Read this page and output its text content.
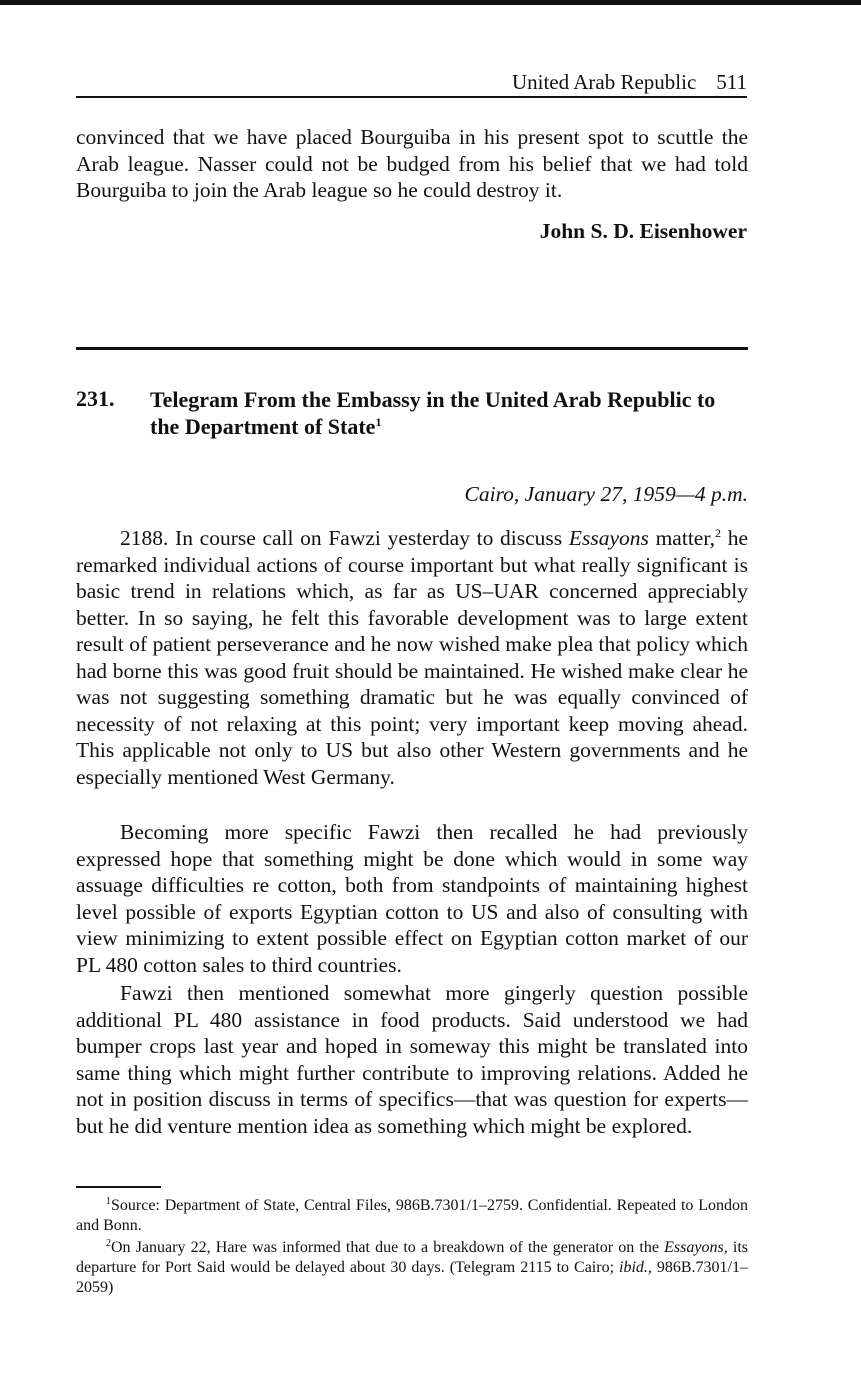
United Arab Republic 511

convinced that we have placed Bourguiba in his present spot to scuttle the Arab league. Nasser could not be budged from his belief that we had told Bourguiba to join the Arab league so he could destroy it.

John S. D. Eisenhower
231. Telegram From the Embassy in the United Arab Republic to the Department of State$^1$
Cairo, January 27, 1959—4 p.m.

2188. In course call on Fawzi yesterday to discuss Essayons matter,$^2$ he remarked individual actions of course important but what really significant is basic trend in relations which, as far as US–UAR concerned appreciably better. In so saying, he felt this favorable development was to large extent result of patient perseverance and he now wished make plea that policy which had borne this was good fruit should be maintained. He wished make clear he was not suggesting something dramatic but he was equally convinced of necessity of not relaxing at this point; very important keep moving ahead. This applicable not only to US but also other Western governments and he especially mentioned West Germany.

Becoming more specific Fawzi then recalled he had previously expressed hope that something might be done which would in some way assuage difficulties re cotton, both from standpoints of maintaining highest level possible of exports Egyptian cotton to US and also of consulting with view minimizing to extent possible effect on Egyptian cotton market of our PL 480 cotton sales to third countries.

Fawzi then mentioned somewhat more gingerly question possible additional PL 480 assistance in food products. Said understood we had bumper crops last year and hoped in someway this might be translated into same thing which might further contribute to improving relations. Added he not in position discuss in terms of specifics—that was question for experts—but he did venture mention idea as something which might be explored.

$^1$Source: Department of State, Central Files, 986B.7301/1–2759. Confidential. Repeated to London and Bonn.

$^2$On January 22, Hare was informed that due to a breakdown of the generator on the Essayons, its departure for Port Said would be delayed about 30 days. (Telegram 2115 to Cairo; ibid., 986B.7301/1–2059)
